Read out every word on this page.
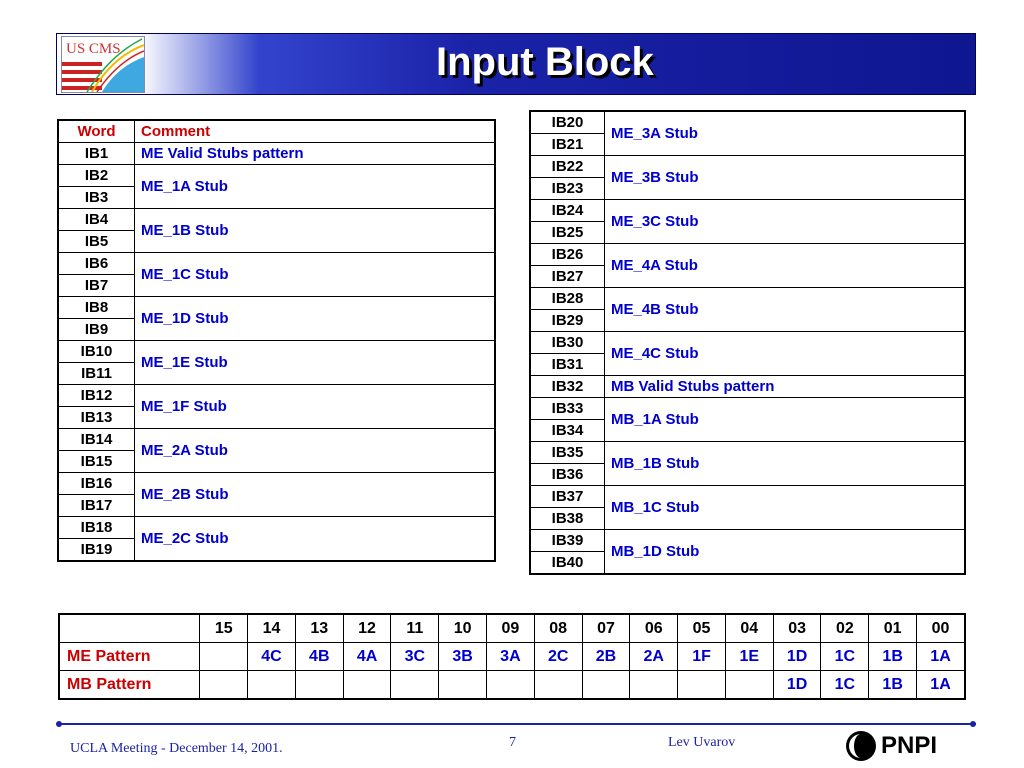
US CMS	Input Block
Word	Comment
IB1	ME Valid Stubs pattern
IB2	ME_1A Stub
IB3	
IB4	ME_1B Stub
IB5	
IB6	ME_1C Stub
IB7	
IB8	ME_1D Stub
IB9	
IB10	ME_1E Stub
IB11	
IB12	ME_1F Stub
IB13	
IB14	ME_2A Stub
IB15	
IB16	ME_2B Stub
IB17	
IB18	ME_2C Stub
IB19	
IB20	ME_3A Stub
IB21	
IB22	ME_3B Stub
IB23	
IB24	ME_3C Stub
IB25	
IB26	ME_4A Stub
IB27	
IB28	ME_4B Stub
IB29	
IB30	ME_4C Stub
IB31	
IB32	MB Valid Stubs pattern
IB33	MB_1A Stub
IB34	
IB35	MB_1B Stub
IB36	
IB37	MB_1C Stub
IB38	
IB39	MB_1D Stub
IB40	
	15	14	13	12	11	10	09	08	07	06	05	04	03	02	01	00
ME Pattern		4C	4B	4A	3C	3B	3A	2C	2B	2A	1F	1E	1D	1C	1B	1A
MB Pattern													1D	1C	1B	1A
UCLA Meeting - December 14, 2001.	7	Lev Uvarov	PNPI
